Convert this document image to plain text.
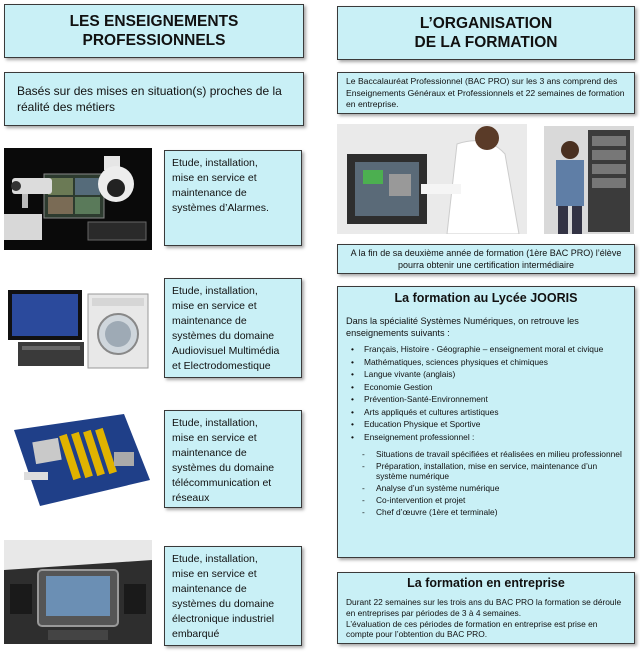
LES ENSEIGNEMENTS
PROFESSIONNELS
Basés sur des mises en situation(s) proches de la réalité des métiers
Etude, installation,
mise en service et
maintenance de
systèmes d’Alarmes.
Etude, installation,
mise en service et
maintenance de
systèmes du domaine
Audiovisuel Multimédia
et Electrodomestique
Etude, installation,
mise en service et
maintenance de
systèmes du domaine
télécommunication et
réseaux
Etude, installation,
mise en service et
maintenance de
systèmes du domaine
électronique industriel
embarqué
L’ORGANISATION
DE LA FORMATION
Le Baccalauréat Professionnel (BAC PRO) sur les 3 ans comprend des Enseignements Généraux et Professionnels et 22 semaines de formation en entreprise.
A la fin de sa deuxième année de formation (1ère BAC PRO) l’élève pourra obtenir une certification intermédiaire
La formation au Lycée JOORIS
Dans la spécialité Systèmes Numériques, on retrouve les enseignements suivants :
• Français, Histoire - Géographie – enseignement moral et civique
• Mathématiques, sciences physiques et chimiques
• Langue vivante (anglais)
• Economie Gestion
• Prévention-Santé-Environnement
• Arts appliqués et cultures artistiques
• Education Physique et Sportive
• Enseignement professionnel :
- Situations de travail spécifiées et réalisées en milieu professionnel
- Préparation, installation, mise en service, maintenance d’un système numérique
- Analyse d’un système numérique
- Co-intervention et projet
- Chef d’œuvre (1ère et terminale)
La formation en entreprise
Durant 22 semaines sur les trois ans du BAC PRO la formation se déroule en entreprises par périodes de 3 à 4 semaines.
L’évaluation de ces périodes de formation en entreprise est prise en compte pour l’obtention du BAC PRO.
